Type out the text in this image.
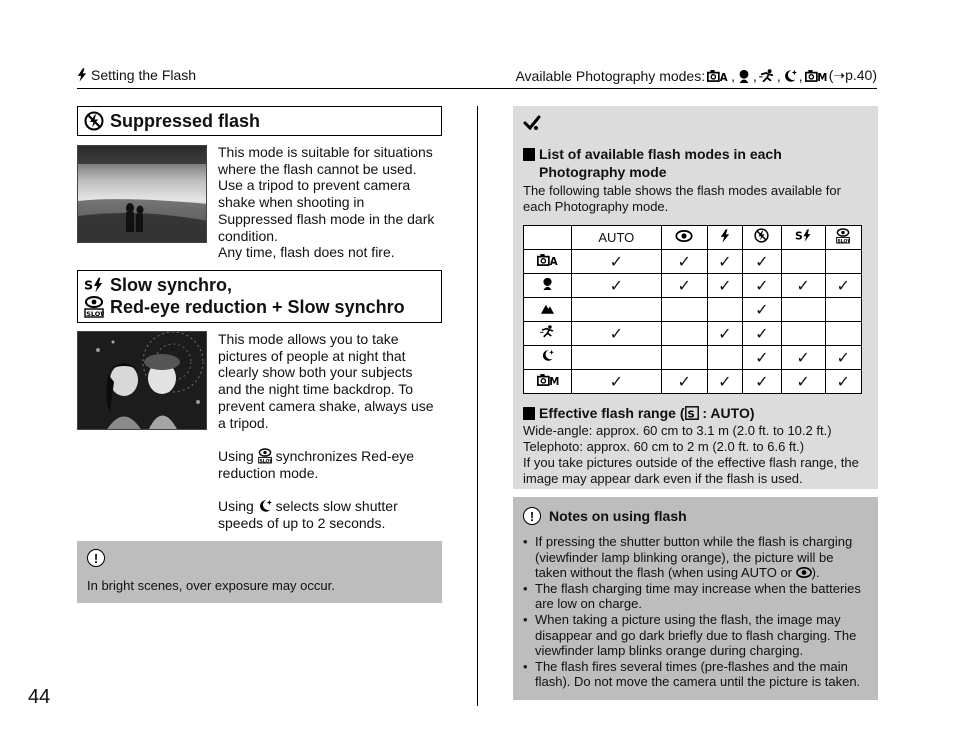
Setting the Flash	Available Photography modes: , , , , (➝p.40)
Suppressed flash

This mode is suitable for situations

where the flash cannot be used.

Use a tripod to prevent camera

shake when shooting in

Suppressed flash mode in the dark

condition.

Any time, flash does not fire.

Slow synchro,
Red-eye reduction + Slow synchro

This mode allows you to take

pictures of people at night that

clearly show both your subjects

and the night time backdrop. To

prevent camera shake, always use

a tripod.

Using synchronizes Red-eye

reduction mode.

Using selects slow shutter

speeds of up to 2 seconds.

!
In bright scenes, over exposure may occur.
List of available flash modes in each
Photography mode
The following table shows the flash modes available for
each Photography mode.
	AUTO					
	✓	✓	✓	✓		
	✓	✓	✓	✓	✓	✓
				✓		
	✓		✓	✓		
				✓	✓	✓
	✓	✓	✓	✓	✓	✓
Effective flash range ( S : AUTO)
Wide-angle: approx. 60 cm to 3.1 m (2.0 ft. to 10.2 ft.)
Telephoto: approx. 60 cm to 2 m (2.0 ft. to 6.6 ft.)
If you take pictures outside of the effective flash range, the
image may appear dark even if the flash is used.
!	Notes on using flash
• If pressing the shutter button while the flash is charging
(viewfinder lamp blinking orange), the picture will be
taken without the flash (when using AUTO or ).
• The flash charging time may increase when the batteries
are low on charge.
• When taking a picture using the flash, the image may
disappear and go dark briefly due to flash charging. The
viewfinder lamp blinks orange during charging.
• The flash fires several times (pre-flashes and the main
flash). Do not move the camera until the picture is taken.
44
